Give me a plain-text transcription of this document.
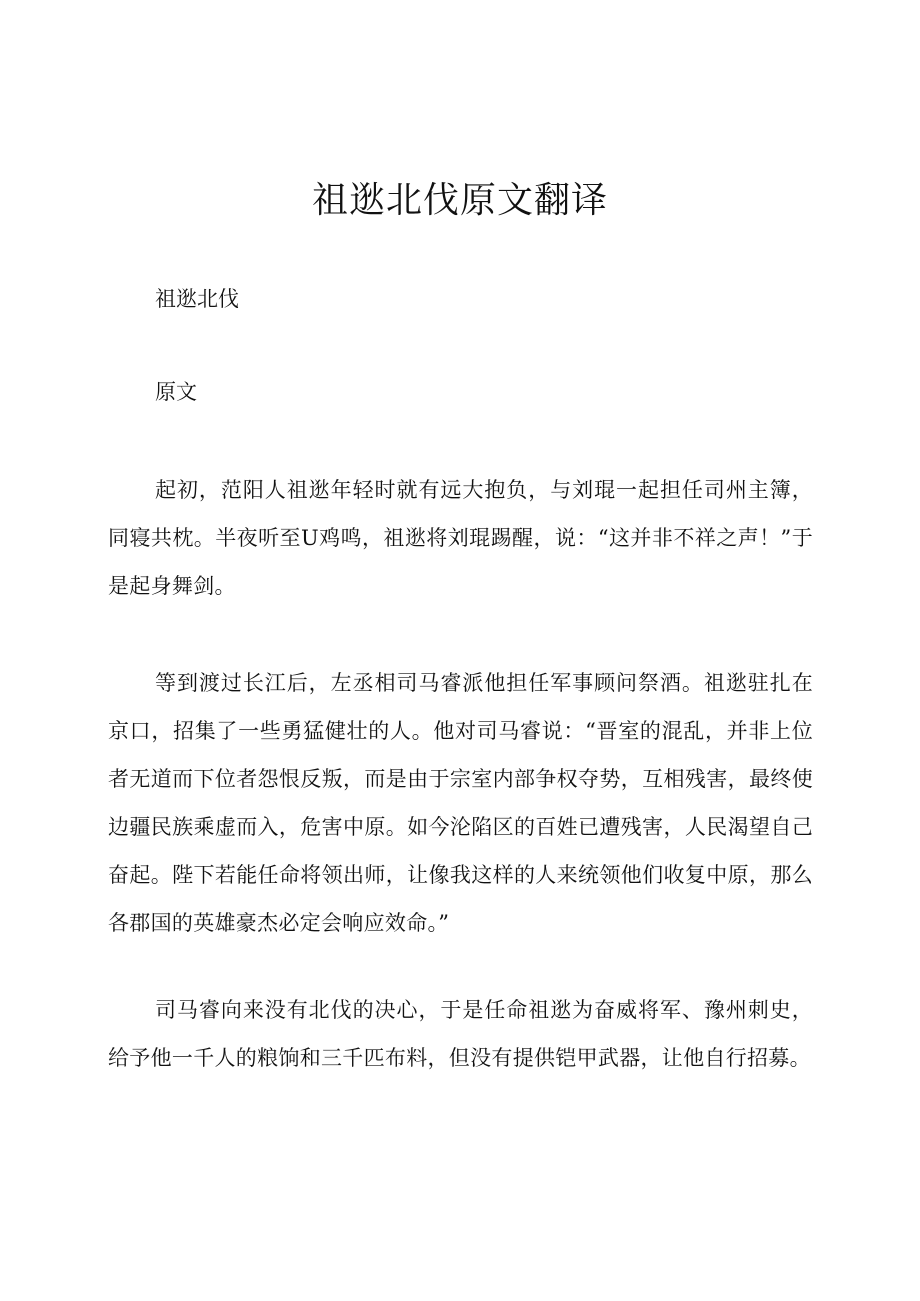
祖逖北伐原文翻译

祖逖北伐

原文

起初，范阳人祖逖年轻时就有远大抱负，与刘琨一起担任司州主簿，同寝共枕。半夜听至U鸡鸣，祖逖将刘琨踢醒，说：“这并非不祥之声！”于是起身舞剑。

等到渡过长江后，左丞相司马睿派他担任军事顾问祭酒。祖逖驻扎在京口，招集了一些勇猛健壮的人。他对司马睿说：“晋室的混乱，并非上位者无道而下位者怨恨反叛，而是由于宗室内部争权夺势，互相残害，最终使边疆民族乘虚而入，危害中原。如今沦陷区的百姓已遭残害，人民渴望自己奋起。陛下若能任命将领出师，让像我这样的人来统领他们收复中原，那么各郡国的英雄豪杰必定会响应效命。”

司马睿向来没有北伐的决心，于是任命祖逖为奋威将军、豫州刺史，给予他一千人的粮饷和三千匹布料，但没有提供铠甲武器，让他自行招募。
